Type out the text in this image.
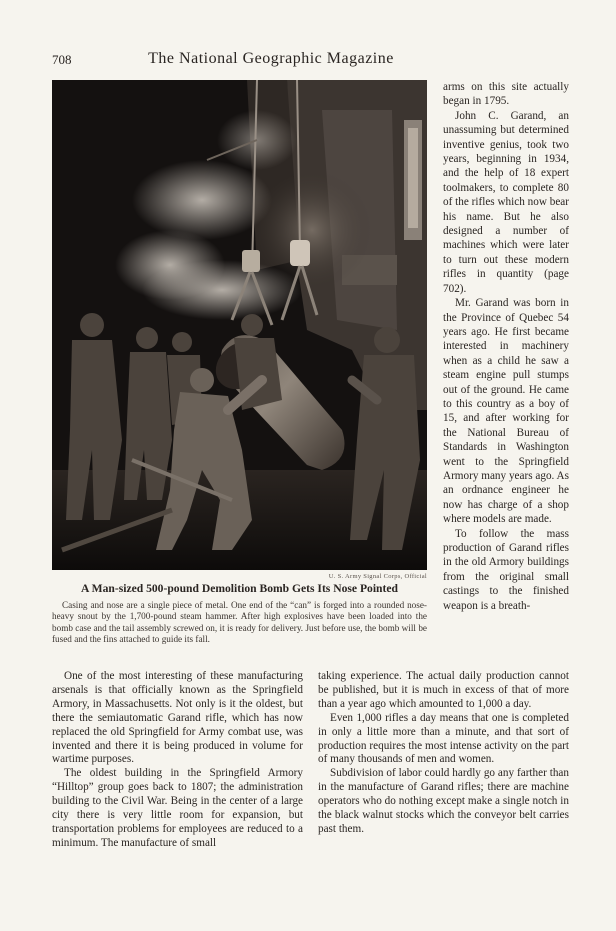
708	The National Geographic Magazine
U. S. Army Signal Corps, Official
A Man-sized 500-pound Demolition Bomb Gets Its Nose Pointed
Casing and nose are a single piece of metal. One end of the “can” is forged into a rounded nose-heavy snout by the 1,700-pound steam hammer. After high explosives have been loaded into the bomb case and the tail assembly screwed on, it is ready for delivery. Just before use, the bomb will be fused and the fins attached to guide its fall.

arms on this site actually began in 1795.

John C. Garand, an unassuming but determined inventive genius, took two years, beginning in 1934, and the help of 18 expert toolmakers, to complete 80 of the rifles which now bear his name. But he also designed a number of machines which were later to turn out these modern rifles in quantity (page 702).

Mr. Garand was born in the Province of Quebec 54 years ago. He first became interested in machinery when as a child he saw a steam engine pull stumps out of the ground. He came to this country as a boy of 15, and after working for the National Bureau of Standards in Washington went to the Springfield Armory many years ago. As an ordnance engineer he now has charge of a shop where models are made.

To follow the mass production of Garand rifles in the old Armory buildings from the original small castings to the finished weapon is a breath-

One of the most interesting of these manufacturing arsenals is that officially known as the Springfield Armory, in Massachusetts. Not only is it the oldest, but there the semiautomatic Garand rifle, which has now replaced the old Springfield for Army combat use, was invented and there it is being produced in volume for wartime purposes.

The oldest building in the Springfield Armory “Hilltop” group goes back to 1807; the administration building to the Civil War. Being in the center of a large city there is very little room for expansion, but transportation problems for employees are reduced to a minimum. The manufacture of small

taking experience. The actual daily production cannot be published, but it is much in excess of that of more than a year ago which amounted to 1,000 a day.

Even 1,000 rifles a day means that one is completed in only a little more than a minute, and that sort of production requires the most intense activity on the part of many thousands of men and women.

Subdivision of labor could hardly go any farther than in the manufacture of Garand rifles; there are machine operators who do nothing except make a single notch in the black walnut stocks which the conveyor belt carries past them.
